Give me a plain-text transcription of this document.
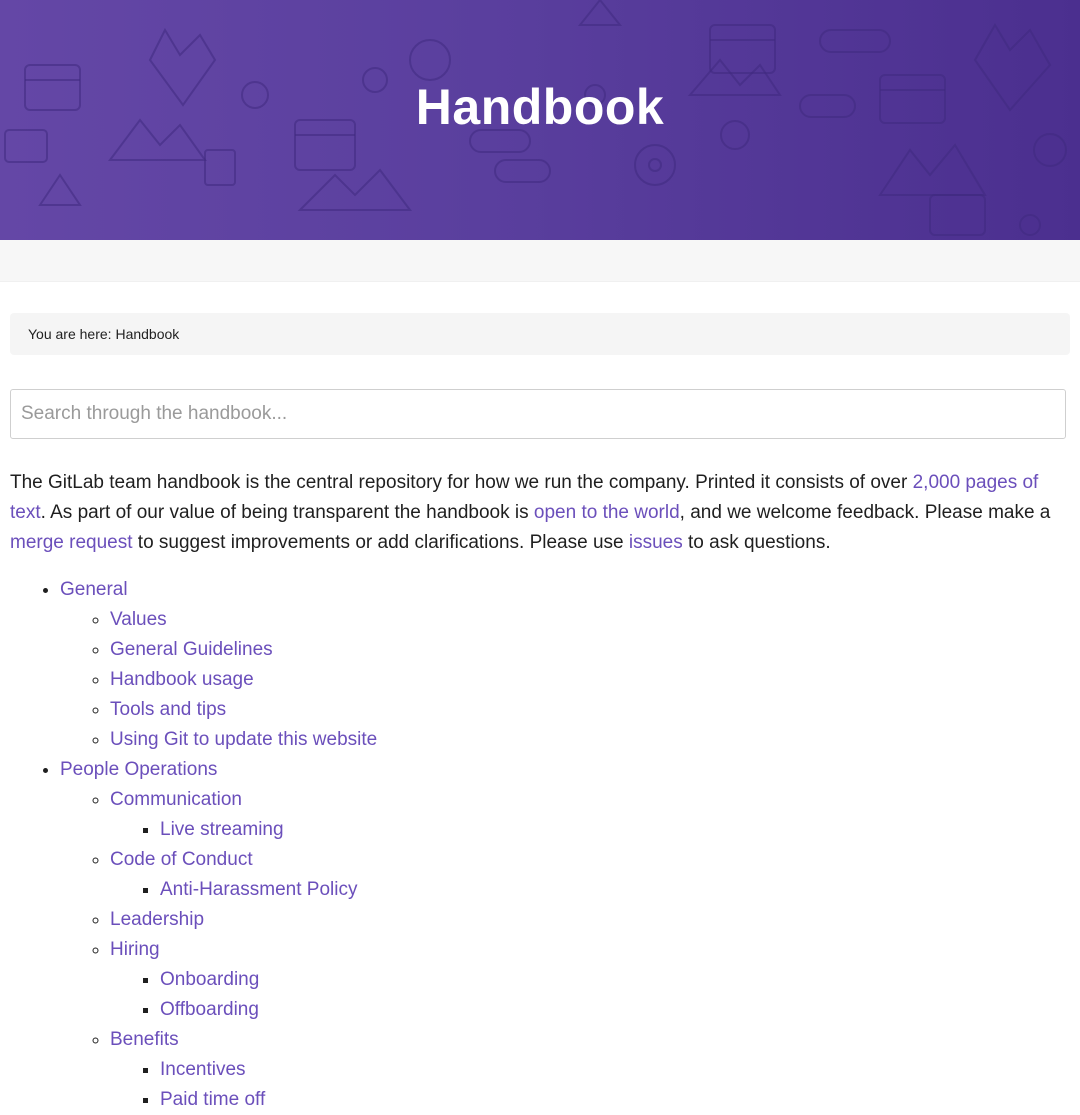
Handbook
You are here:
Handbook
Search through the handbook...

The GitLab team handbook is the central repository for how we run the company. Printed it consists of over 2,000 pages of text. As part of our value of being transparent the handbook is open to the world, and we welcome feedback. Please make a merge request to suggest improvements or add clarifications. Please use issues to ask questions.

• General
◦ Values
◦ General Guidelines
◦ Handbook usage
◦ Tools and tips
◦ Using Git to update this website
• People Operations
◦ Communication
▪ Live streaming
◦ Code of Conduct
▪ Anti-Harassment Policy
◦ Leadership
◦ Hiring
▪ Onboarding
▪ Offboarding
◦ Benefits
▪ Incentives
▪ Paid time off
